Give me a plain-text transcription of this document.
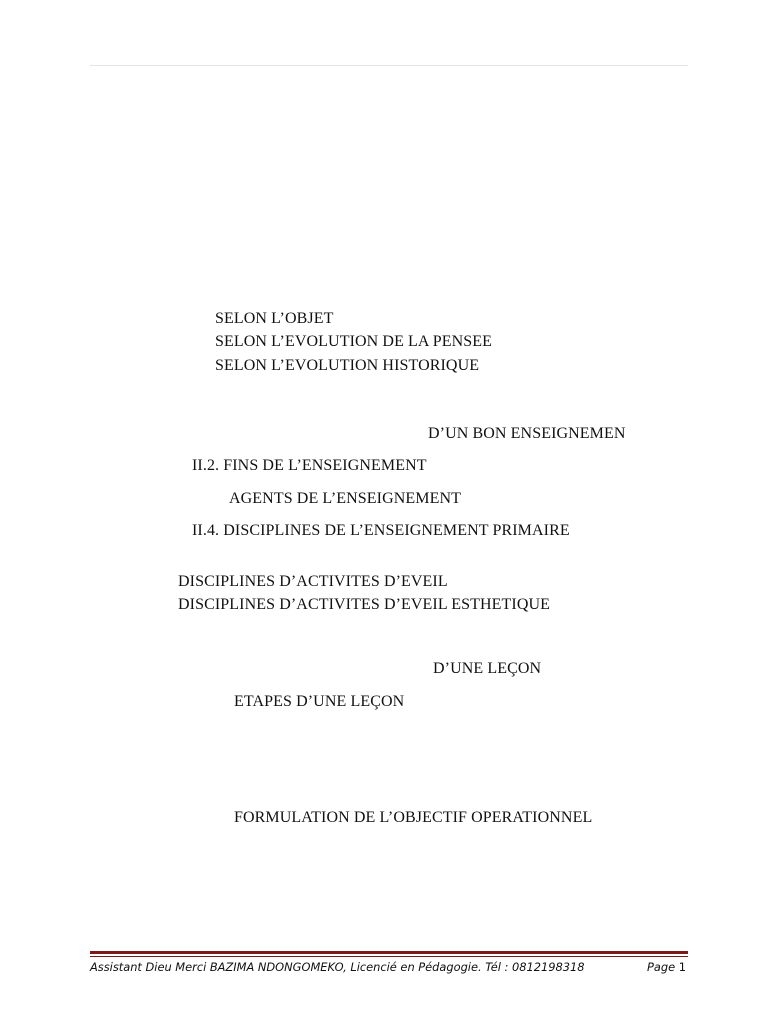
SELON L’OBJET
SELON L’EVOLUTION DE LA PENSEE
SELON L’EVOLUTION HISTORIQUE
D’UN BON ENSEIGNEMEN
II.2. FINS DE L’ENSEIGNEMENT
AGENTS DE L’ENSEIGNEMENT
II.4. DISCIPLINES DE L’ENSEIGNEMENT PRIMAIRE
DISCIPLINES D’ACTIVITES D’EVEIL
DISCIPLINES D’ACTIVITES D’EVEIL ESTHETIQUE
D’UNE LEÇON
ETAPES D’UNE LEÇON
FORMULATION DE L’OBJECTIF OPERATIONNEL
Assistant Dieu Merci BAZIMA NDONGOMEKO, Licencié en Pédagogie. Tél : 0812198318	Page 1
